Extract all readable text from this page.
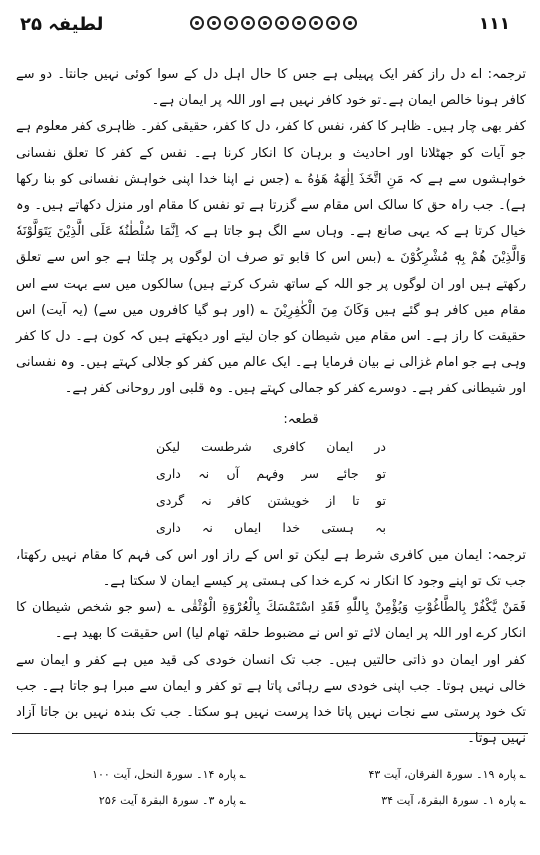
۱۱۱
لطیفہ ۲۵

ترجمہ: اے دل راز کفر ایک پہیلی ہے جس کا حال اہل دل کے سوا کوئی نہیں جانتا۔ دو سے کافر ہونا خالص ایمان ہے۔تو خود کافر نہیں ہے اور اللہ پر ایمان ہے۔

کفر بھی چار ہیں۔ ظاہر کا کفر، نفس کا کفر، دل کا کفر، حقیقی کفر۔ ظاہری کفر معلوم ہے جو آیات کو جھٹلانا اور احادیث و برہان کا انکار کرنا ہے۔ نفس کے کفر کا تعلق نفسانی خواہشوں سے ہے کہ مَنِ اتَّخَذَ اِلٰهَهُ هَوٰهُ ؎ (جس نے اپنا خدا اپنی خواہش نفسانی کو بنا رکھا ہے)۔ جب راہ حق کا سالک اس مقام سے گزرتا ہے تو نفس کا مقام اور منزل دکھاتے ہیں۔ وہ خیال کرتا ہے کہ یہی صانع ہے۔ وہاں سے الگ ہو جاتا ہے کہ اِنَّمَا سُلْطٰنُهٗ عَلَى الَّذِيْنَ يَتَوَلَّوْنَهٗ وَالَّذِيْنَ هُمْ بِهٖ مُشْرِكُوْنَ ؎ (بس اس کا قابو تو صرف ان لوگوں پر چلتا ہے جو اس سے تعلق رکھتے ہیں اور ان لوگوں پر جو اللہ کے ساتھ شرک کرتے ہیں) سالکوں میں سے بہت سے اس مقام میں کافر ہو گئے ہیں وَكَانَ مِنَ الْكٰفِرِيْنَ ؎ (اور ہو گیا کافروں میں سے) (یہ آیت) اس حقیقت کا راز ہے۔ اس مقام میں شیطان کو جان لیتے اور دیکھتے ہیں کہ کون ہے۔ دل کا کفر وہی ہے جو امام غزالی نے بیان فرمایا ہے۔ ایک عالم میں کفر کو جلالی کہتے ہیں۔ وہ نفسانی اور شیطانی کفر ہے۔ دوسرے کفر کو جمالی کہتے ہیں۔ وہ قلبی اور روحانی کفر ہے۔

قطعہ:
در ایمان کافری شرطست لیکن
تو جائے سر وفہم آں نہ داری
تو تا از خویشتن کافر نہ گردی
بہ ہستی خدا ایماں نہ داری

ترجمہ: ایمان میں کافری شرط ہے لیکن تو اس کے راز اور اس کی فہم کا مقام نہیں رکھتا، جب تک تو اپنے وجود کا انکار نہ کرے خدا کی ہستی پر کیسے ایمان لا سکتا ہے۔

فَمَنْ يَّكْفُرْ بِالطَّاغُوْتِ وَيُؤْمِنْ بِاللّٰهِ فَقَدِ اسْتَمْسَكَ بِالْعُرْوَةِ الْوُثْقٰى ؎ (سو جو شخص شیطان کا انکار کرے اور اللہ پر ایمان لائے تو اس نے مضبوط حلقہ تھام لیا) اس حقیقت کا بھید ہے۔

کفر اور ایمان دو ذاتی حالتیں ہیں۔ جب تک انسان خودی کی قید میں ہے کفر و ایمان سے خالی نہیں ہوتا۔ جب اپنی خودی سے رہائی پاتا ہے تو کفر و ایمان سے مبرا ہو جاتا ہے۔ جب تک خود پرستی سے نجات نہیں پاتا خدا پرست نہیں ہو سکتا۔ جب تک بندہ نہیں بن جاتا آزاد نہیں ہوتا۔

؎ پارہ ۱۹۔ سورۃ الفرقان، آیت ۴۳
؎ پارہ ۱۴۔ سورۃ النحل، آیت ۱۰۰
؎ پارہ ۱۔ سورۃ البقرۃ، آیت ۳۴
؎ پارہ ۳۔ سورۃ البقرۃ آیت ۲۵۶
